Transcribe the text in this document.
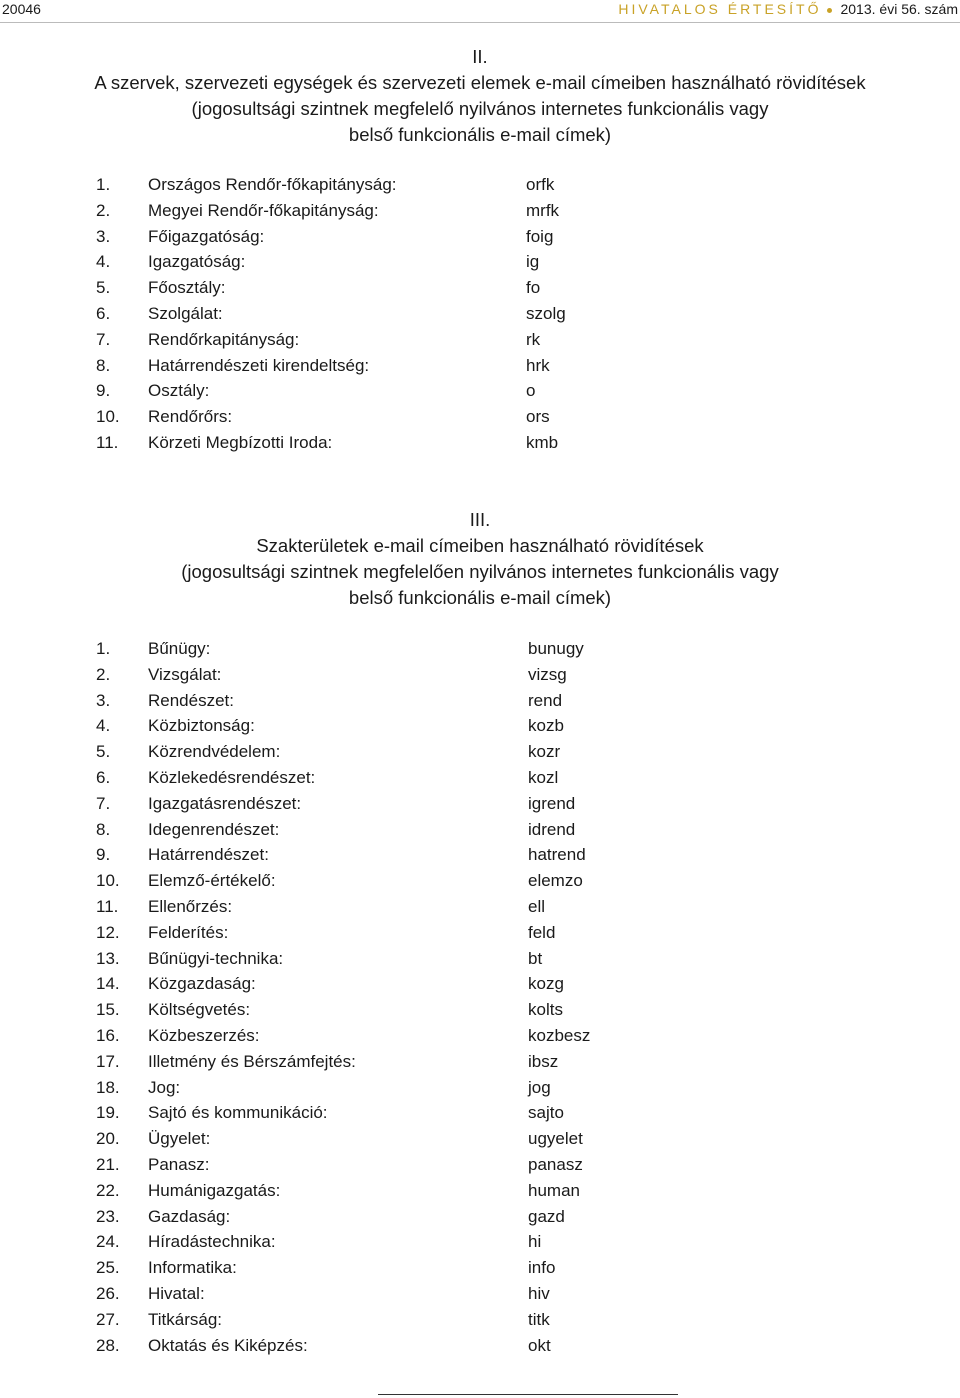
20046	HIVATALOS ÉRTESÍTŐ 2013. évi 56. szám
II.
A szervek, szervezeti egységek és szervezeti elemek e-mail címeiben használható rövidítések
(jogosultsági szintnek megfelelő nyilvános internetes funkcionális vagy
belső funkcionális e-mail címek)
1. Országos Rendőr-főkapitányság:	orfk
2. Megyei Rendőr-főkapitányság:	mrfk
3. Főigazgatóság:	foig
4. Igazgatóság:	ig
5. Főosztály:	fo
6. Szolgálat:	szolg
7. Rendőrkapitányság:	rk
8. Határrendészeti kirendeltség:	hrk
9. Osztály:	o
10. Rendőrőrs:	ors
11. Körzeti Megbízotti Iroda:	kmb
III.
Szakterületek e-mail címeiben használható rövidítések
(jogosultsági szintnek megfelelően nyilvános internetes funkcionális vagy
belső funkcionális e-mail címek)
1. Bűnügy:	bunugy
2. Vizsgálat:	vizsg
3. Rendészet:	rend
4. Közbiztonság:	kozb
5. Közrendvédelem:	kozr
6. Közlekedésrendészet:	kozl
7. Igazgatásrendészet:	igrend
8. Idegenrendészet:	idrend
9. Határrendészet:	hatrend
10. Elemző-értékelő:	elemzo
11. Ellenőrzés:	ell
12. Felderítés:	feld
13. Bűnügyi-technika:	bt
14. Közgazdaság:	kozg
15. Költségvetés:	kolts
16. Közbeszerzés:	kozbesz
17. Illetmény és Bérszámfejtés:	ibsz
18. Jog:	jog
19. Sajtó és kommunikáció:	sajto
20. Ügyelet:	ugyelet
21. Panasz:	panasz
22. Humánigazgatás:	human
23. Gazdaság:	gazd
24. Híradástechnika:	hi
25. Informatika:	info
26. Hivatal:	hiv
27. Titkárság:	titk
28. Oktatás és Kiképzés:	okt
